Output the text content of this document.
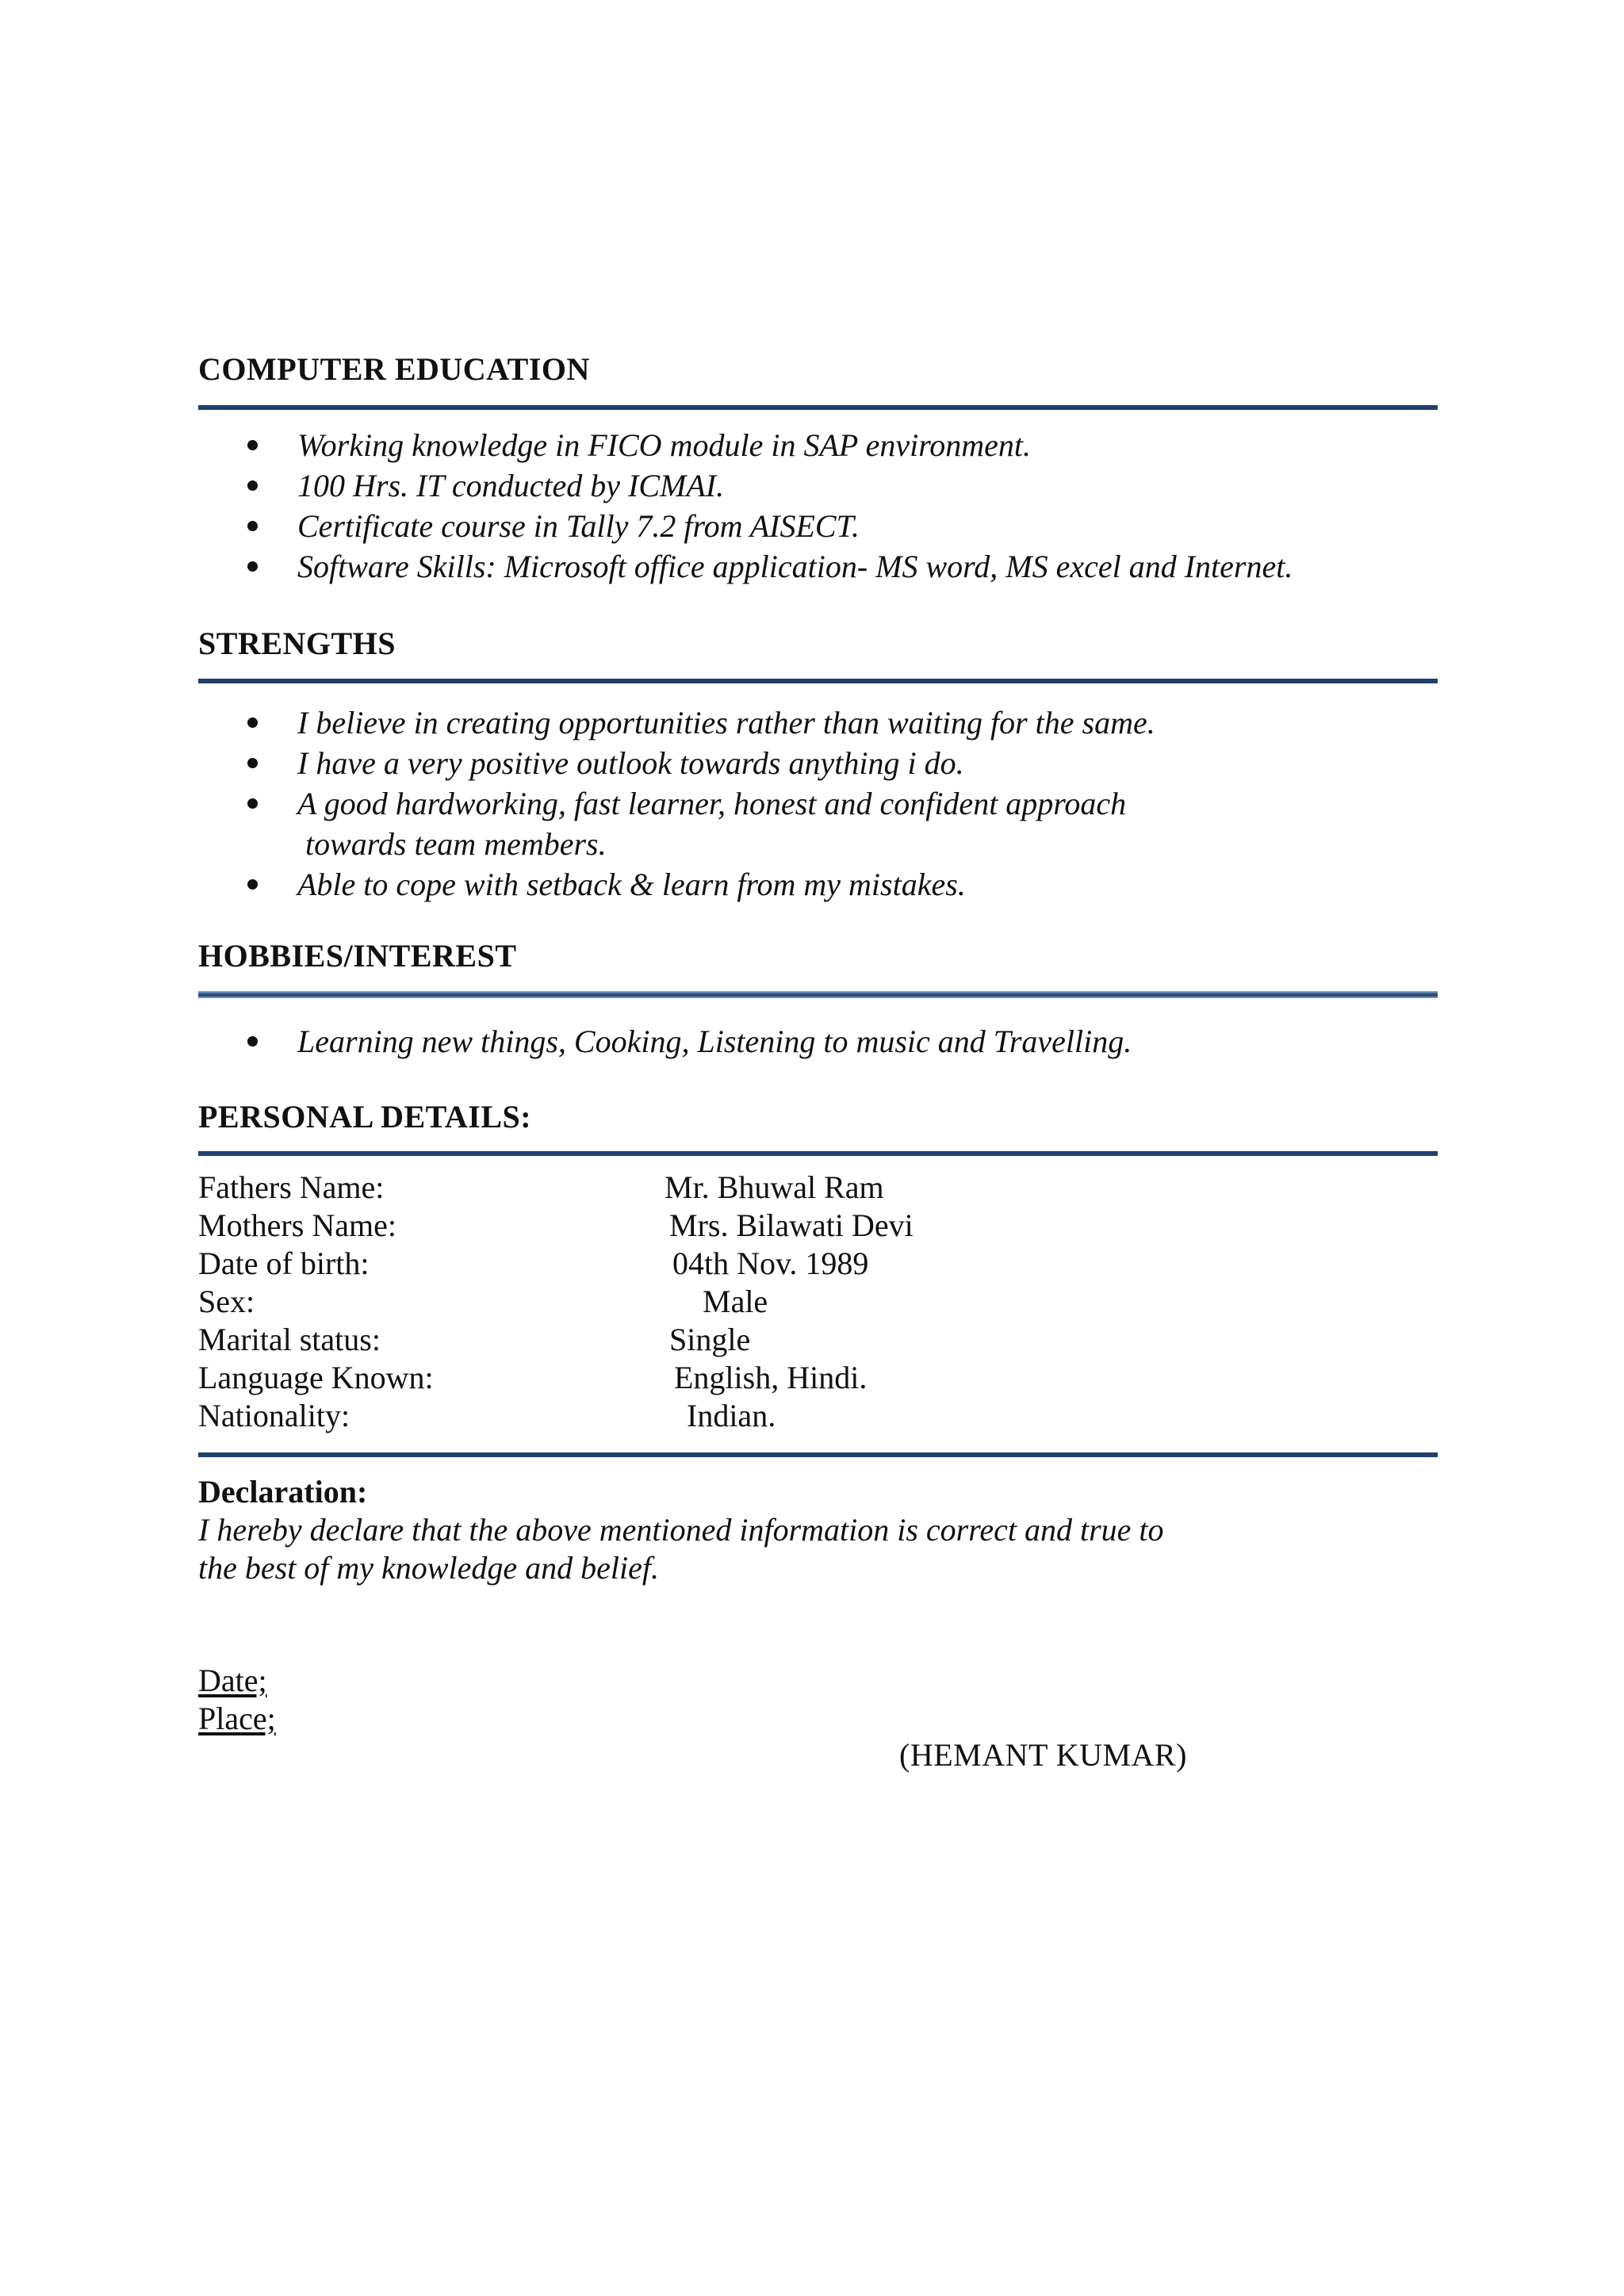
COMPUTER EDUCATION
Working knowledge in FICO module in SAP environment.
100 Hrs. IT conducted by ICMAI.
Certificate course in Tally 7.2 from AISECT.
Software Skills: Microsoft office application- MS word, MS excel and Internet.
STRENGTHS
I believe in creating opportunities rather than waiting for the same.
I have a very positive outlook towards anything i do.
A good hardworking, fast learner, honest and confident approach
towards team members.
Able to cope with setback & learn from my mistakes.
HOBBIES/INTEREST
Learning new things, Cooking, Listening to music and Travelling.
PERSONAL DETAILS:
Fathers Name:	Mr. Bhuwal Ram
Mothers Name:	Mrs. Bilawati Devi
Date of birth:	04th Nov. 1989
Sex:	Male
Marital status:	Single
Language Known:	English, Hindi.
Nationality:	Indian.
Declaration:
I hereby declare that the above mentioned information is correct and true to
the best of my knowledge and belief.
Date;
Place;
(HEMANT KUMAR)
